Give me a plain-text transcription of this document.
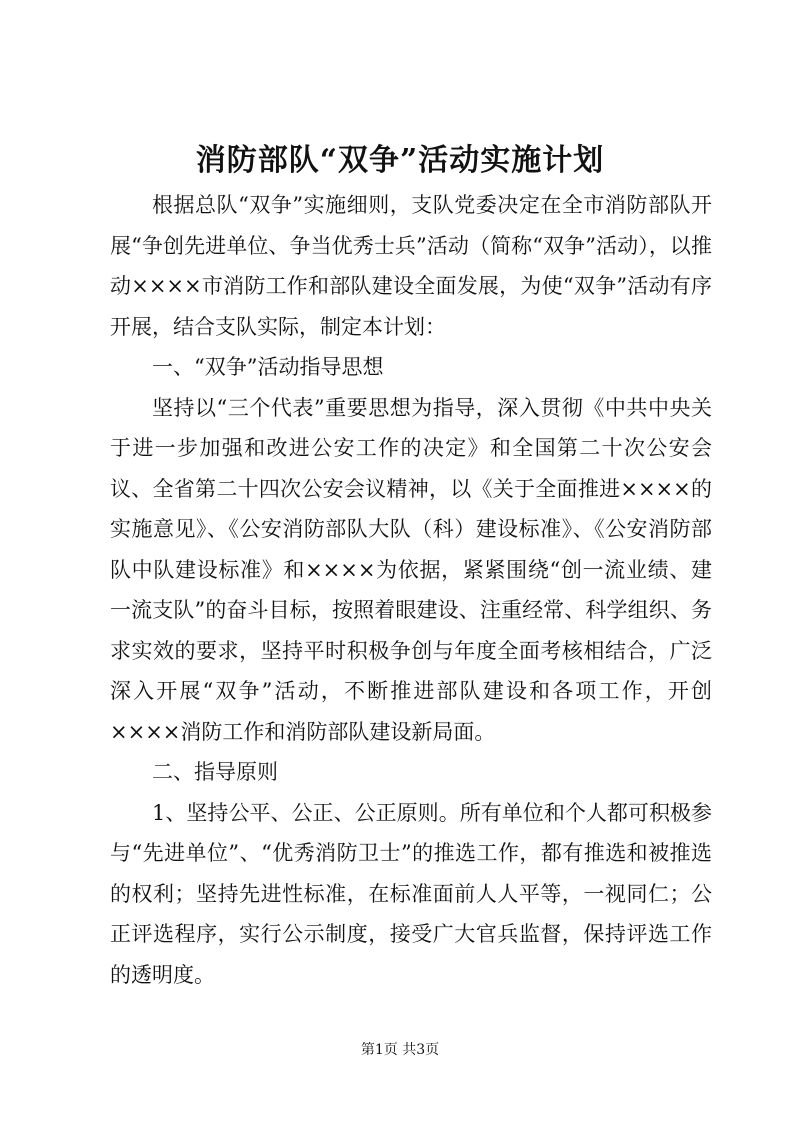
消防部队“双争”活动实施计划

根据总队“双争”实施细则，支队党委决定在全市消防部队开展“争创先进单位、争当优秀士兵”活动（简称“双争”活动），以推动××××市消防工作和部队建设全面发展，为使“双争”活动有序开展，结合支队实际，制定本计划：

一、“双争”活动指导思想

坚持以“三个代表”重要思想为指导，深入贯彻《中共中央关于进一步加强和改进公安工作的决定》和全国第二十次公安会议、全省第二十四次公安会议精神，以《关于全面推进××××的实施意见》、《公安消防部队大队（科）建设标准》、《公安消防部队中队建设标准》和××××为依据，紧紧围绕“创一流业绩、建一流支队”的奋斗目标，按照着眼建设、注重经常、科学组织、务求实效的要求，坚持平时积极争创与年度全面考核相结合，广泛深入开展“双争”活动，不断推进部队建设和各项工作，开创××××消防工作和消防部队建设新局面。

二、指导原则

1、坚持公平、公正、公正原则。所有单位和个人都可积极参与“先进单位”、“优秀消防卫士”的推选工作，都有推选和被推选的权利；坚持先进性标准，在标准面前人人平等，一视同仁；公正评选程序，实行公示制度，接受广大官兵监督，保持评选工作的透明度。

第1页 共3页
